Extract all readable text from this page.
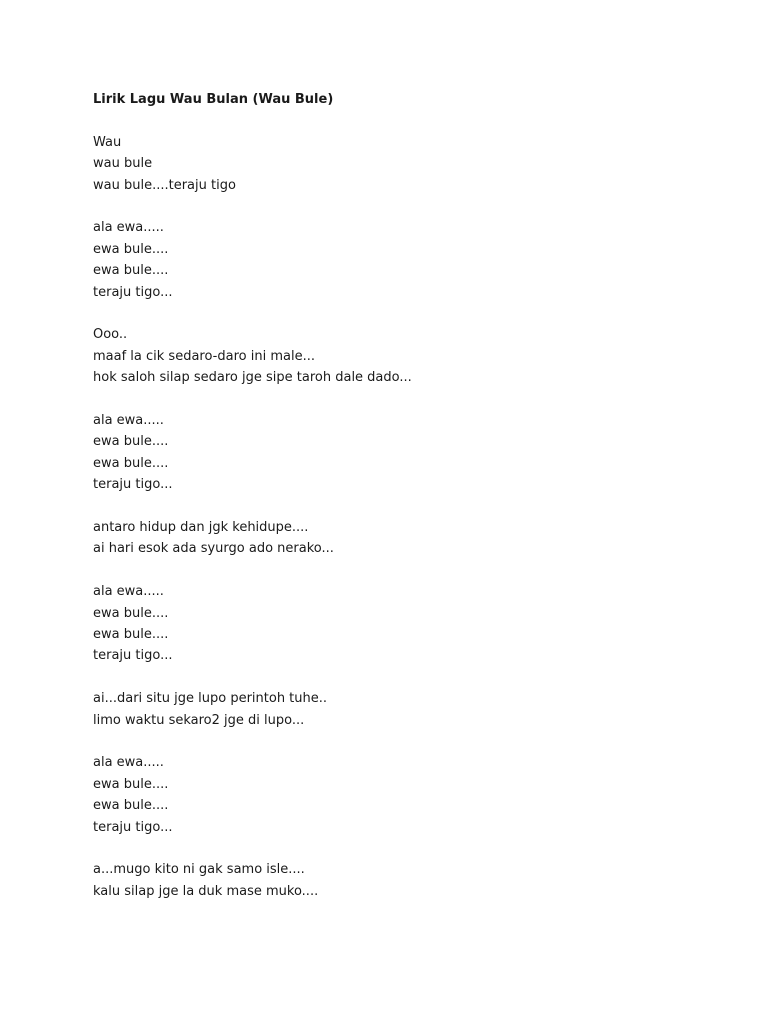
Lirik Lagu Wau Bulan (Wau Bule)
Wau
wau bule
wau bule....teraju tigo
ala ewa.....
ewa bule....
ewa bule....
teraju tigo...
Ooo..
maaf la cik sedaro-daro ini male...
hok saloh silap sedaro jge sipe taroh dale dado...
ala ewa.....
ewa bule....
ewa bule....
teraju tigo...
antaro hidup dan jgk kehidupe....
ai hari esok ada syurgo ado nerako...
ala ewa.....
ewa bule....
ewa bule....
teraju tigo...
ai...dari situ jge lupo perintoh tuhe..
limo waktu sekaro2 jge di lupo...
ala ewa.....
ewa bule....
ewa bule....
teraju tigo...
a...mugo kito ni gak samo isle....
kalu silap jge la duk mase muko....
